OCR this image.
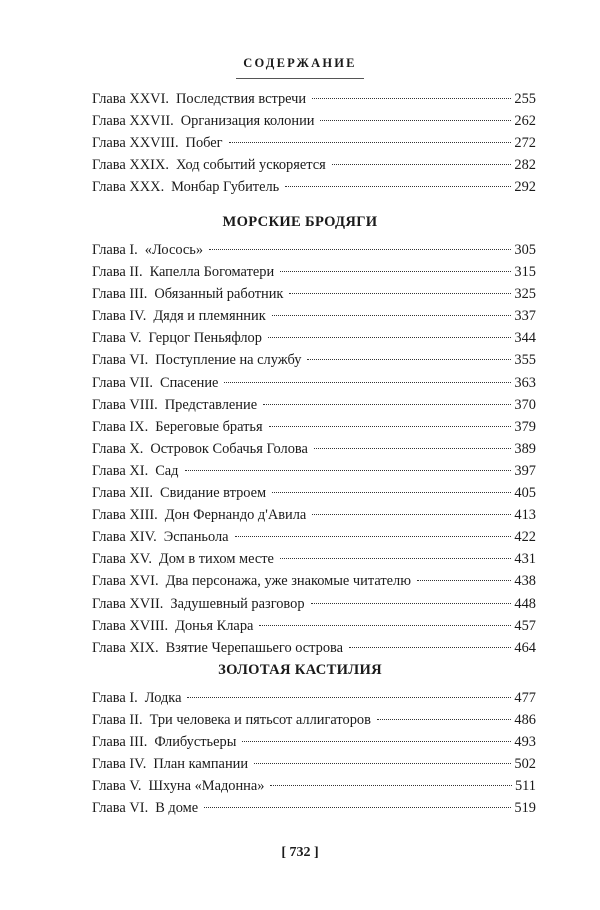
СОДЕРЖАНИЕ
Глава XXVI. Последствия встречи	255
Глава XXVII. Организация колонии	262
Глава XXVIII. Побег	272
Глава XXIX. Ход событий ускоряется	282
Глава XXX. Монбар Губитель	292
МОРСКИЕ БРОДЯГИ
Глава I. «Лосось»	305
Глава II. Капелла Богоматери	315
Глава III. Обязанный работник	325
Глава IV. Дядя и племянник	337
Глава V. Герцог Пеньяфлор	344
Глава VI. Поступление на службу	355
Глава VII. Спасение	363
Глава VIII. Представление	370
Глава IX. Береговые братья	379
Глава X. Островок Собачья Голова	389
Глава XI. Сад	397
Глава XII. Свидание втроем	405
Глава XIII. Дон Фернандо д'Авила	413
Глава XIV. Эспаньола	422
Глава XV. Дом в тихом месте	431
Глава XVI. Два персонажа, уже знакомые читателю	438
Глава XVII. Задушевный разговор	448
Глава XVIII. Донья Клара	457
Глава XIX. Взятие Черепашьего острова	464
ЗОЛОТАЯ КАСТИЛИЯ
Глава I. Лодка	477
Глава II. Три человека и пятьсот аллигаторов	486
Глава III. Флибустьеры	493
Глава IV. План кампании	502
Глава V. Шхуна «Мадонна»	511
Глава VI. В доме	519
[ 732 ]
